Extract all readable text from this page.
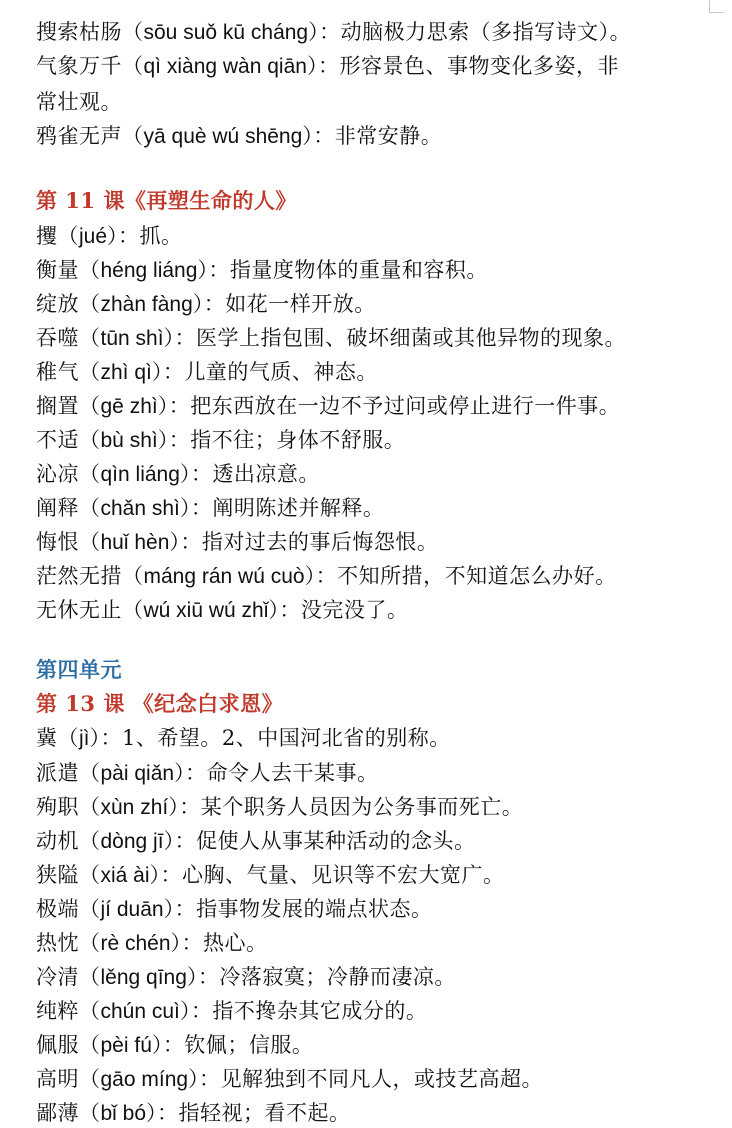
搜索枯肠（sōu suǒ kū cháng）：动脑极力思索（多指写诗文）。
气象万千（qì xiàng wàn qiān）：形容景色、事物变化多姿，非
常壮观。
鸦雀无声（yā què wú shēng）：非常安静。
第 11 课《再塑生命的人》
攫（jué）：抓。
衡量（héng liáng）：指量度物体的重量和容积。
绽放（zhàn fàng）：如花一样开放。
吞噬（tūn shì）：医学上指包围、破坏细菌或其他异物的现象。
稚气（zhì qì）：儿童的气质、神态。
搁置（gē zhì）：把东西放在一边不予过问或停止进行一件事。
不适（bù shì）：指不往；身体不舒服。
沁凉（qìn liáng）：透出凉意。
阐释（chǎn shì）：阐明陈述并解释。
悔恨（huǐ hèn）：指对过去的事后悔怨恨。
茫然无措（máng rán wú cuò）：不知所措，不知道怎么办好。
无休无止（wú xiū wú zhǐ）：没完没了。
第四单元
第 13 课 《纪念白求恩》
冀（jì）：1、希望。2、中国河北省的别称。
派遣（pài qiǎn）：命令人去干某事。
殉职（xùn zhí）：某个职务人员因为公务事而死亡。
动机（dòng jī）：促使人从事某种活动的念头。
狭隘（xiá ài）：心胸、气量、见识等不宏大宽广。
极端（jí duān）：指事物发展的端点状态。
热忱（rè chén）：热心。
冷清（lěng qīng）：冷落寂寞；冷静而凄凉。
纯粹（chún cuì）：指不搀杂其它成分的。
佩服（pèi fú）：钦佩；信服。
高明（gāo míng）：见解独到不同凡人，或技艺高超。
鄙薄（bǐ bó）：指轻视；看不起。
